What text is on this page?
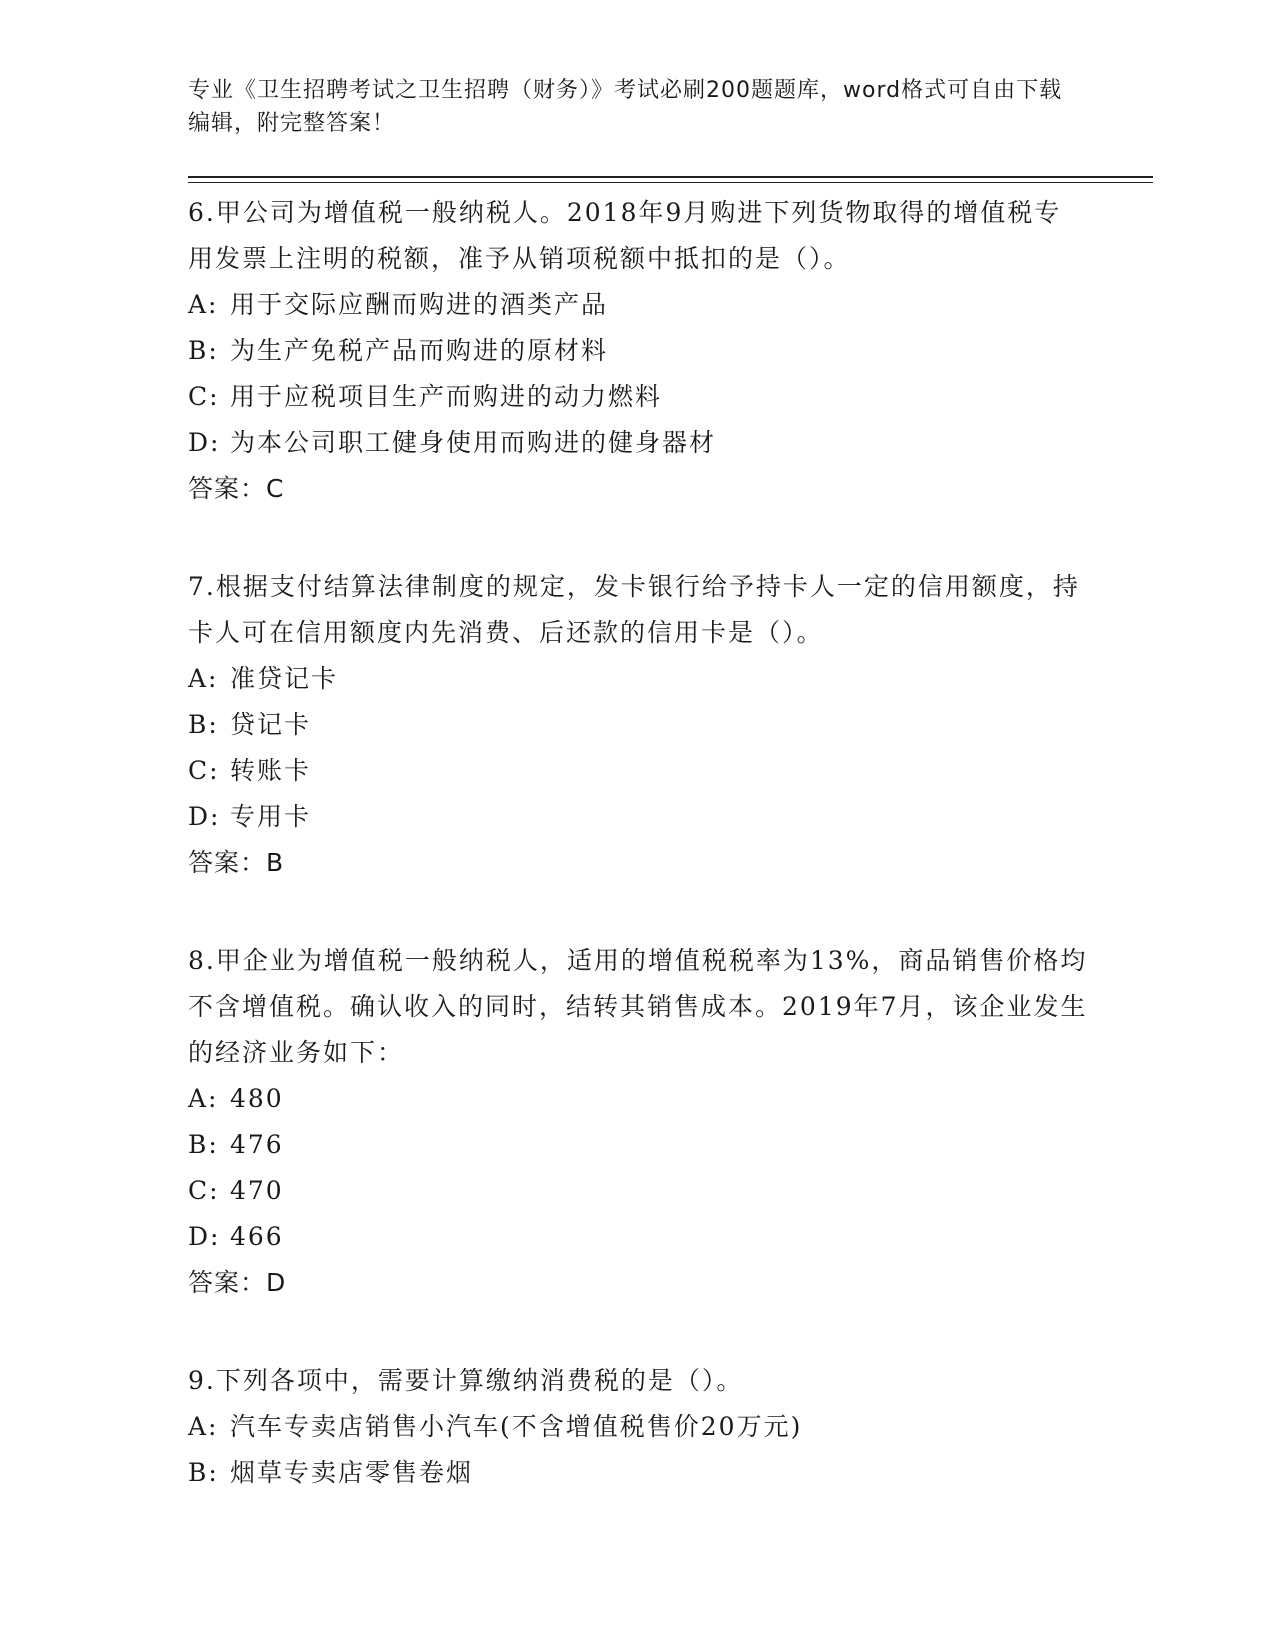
专业《卫生招聘考试之卫生招聘（财务）》考试必刷200题题库，word格式可自由下载编辑，附完整答案！

6.甲公司为增值税一般纳税人。2018年9月购进下列货物取得的增值税专用发票上注明的税额，准予从销项税额中抵扣的是（）。

A: 用于交际应酬而购进的酒类产品

B: 为生产免税产品而购进的原材料

C: 用于应税项目生产而购进的动力燃料

D: 为本公司职工健身使用而购进的健身器材

答案：C

7.根据支付结算法律制度的规定，发卡银行给予持卡人一定的信用额度，持卡人可在信用额度内先消费、后还款的信用卡是（）。

A: 准贷记卡

B: 贷记卡

C: 转账卡

D: 专用卡

答案：B

8.甲企业为增值税一般纳税人，适用的增值税税率为13%，商品销售价格均不含增值税。确认收入的同时，结转其销售成本。2019年7月，该企业发生的经济业务如下：

A: 480

B: 476

C: 470

D: 466

答案：D

9.下列各项中，需要计算缴纳消费税的是（）。

A: 汽车专卖店销售小汽车(不含增值税售价20万元)

B: 烟草专卖店零售卷烟
